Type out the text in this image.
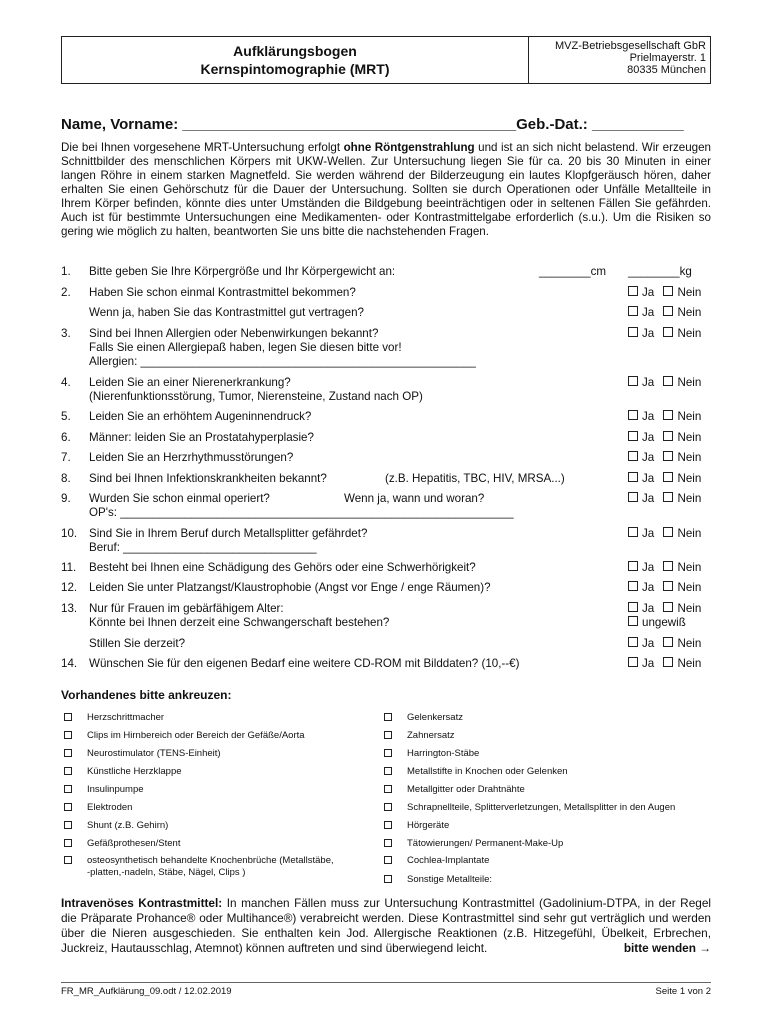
Aufklärungsbogen
Kernspintomographie (MRT)
MVZ-Betriebsgesellschaft GbR
Prielmayerstr. 1
80335 München
Name, Vorname: ________________________________________Geb.-Dat.: ___________
Die bei Ihnen vorgesehene MRT-Untersuchung erfolgt ohne Röntgenstrahlung und ist an sich nicht belastend. Wir erzeugen Schnittbilder des menschlichen Körpers mit UKW-Wellen. Zur Untersuchung liegen Sie für ca. 20 bis 30 Minuten in einer langen Röhre in einem starken Magnetfeld. Sie werden während der Bilderzeugung ein lautes Klopfgeräusch hören, daher erhalten Sie einen Gehörschutz für die Dauer der Untersuchung. Sollten sie durch Operationen oder Unfälle Metallteile in Ihrem Körper befinden, könnte dies unter Umständen die Bildgebung beeinträchtigen oder in seltenen Fällen Sie gefährden. Auch ist für bestimmte Untersuchungen eine Medikamenten- oder Kontrastmittelgabe erforderlich (s.u.). Um die Risiken so gering wie möglich zu halten, beantworten Sie uns bitte die nachstehenden Fragen.
1.	Bitte geben Sie Ihre Körpergröße und Ihr Körpergewicht an:	________cm ________kg
2.	Haben Sie schon einmal Kontrastmittel bekommen?	Ja Nein
Wenn ja, haben Sie das Kontrastmittel gut vertragen?	Ja Nein
3.	Sind bei Ihnen Allergien oder Nebenwirkungen bekannt?	Ja Nein
Falls Sie einen Allergiepaß haben, legen Sie diesen bitte vor!
Allergien: ____________________________________________________
4.	Leiden Sie an einer Nierenerkrankung?	Ja Nein
(Nierenfunktionsstörung, Tumor, Nierensteine, Zustand nach OP)
5.	Leiden Sie an erhöhtem Augeninnendruck?	Ja Nein
6.	Männer: leiden Sie an Prostatahyperplasie?	Ja Nein
7.	Leiden Sie an Herzrhythmusstörungen?	Ja Nein
8.	Sind bei Ihnen Infektionskrankheiten bekannt?	(z.B. Hepatitis, TBC, HIV, MRSA...)	Ja Nein
9.	Wurden Sie schon einmal operiert?	Wenn ja, wann und woran?	Ja Nein
OP's: _____________________________________________________________
10.	Sind Sie in Ihrem Beruf durch Metallsplitter gefährdet?	Ja Nein
Beruf: ______________________________
11.	Besteht bei Ihnen eine Schädigung des Gehörs oder eine Schwerhörigkeit?	Ja Nein
12.	Leiden Sie unter Platzangst/Klaustrophobie (Angst vor Enge / enge Räumen)?	Ja Nein
13.	Nur für Frauen im gebärfähigem Alter:	Ja Nein
Könnte bei Ihnen derzeit eine Schwangerschaft bestehen?	ungewiß
Stillen Sie derzeit?	Ja Nein
14.	Wünschen Sie für den eigenen Bedarf eine weitere CD-ROM mit Bilddaten? (10,--€)	Ja Nein
Vorhandenes bitte ankreuzen:
Herzschrittmacher
Clips im Hirnbereich oder Bereich der Gefäße/Aorta
Neurostimulator (TENS-Einheit)
Künstliche Herzklappe
Insulinpumpe
Elektroden
Shunt (z.B. Gehirn)
Gefäßprothesen/Stent
osteosynthetisch behandelte Knochenbrüche (Metallstäbe,
-platten,-nadeln, Stäbe, Nägel, Clips )
Gelenkersatz
Zahnersatz
Harrington-Stäbe
Metallstifte in Knochen oder Gelenken
Metallgitter oder Drahtnähte
Schrapnellteile, Splitterverletzungen, Metallsplitter in den Augen
Hörgeräte
Tätowierungen/ Permanent-Make-Up
Cochlea-Implantate
Sonstige Metallteile:
Intravenöses Kontrastmittel: In manchen Fällen muss zur Untersuchung Kontrastmittel (Gadolinium-DTPA, in der Regel die Präparate Prohance® oder Multihance®) verabreicht werden. Diese Kontrastmittel sind sehr gut verträglich und werden über die Nieren ausgeschieden. Sie enthalten kein Jod. Allergische Reaktionen (z.B. Hitzegefühl, Übelkeit, Erbrechen, Juckreiz, Hautausschlag, Atemnot) können auftreten und sind überwiegend leicht.	bitte wenden →
FR_MR_Aufklärung_09.odt / 12.02.2019	Seite 1 von 2
